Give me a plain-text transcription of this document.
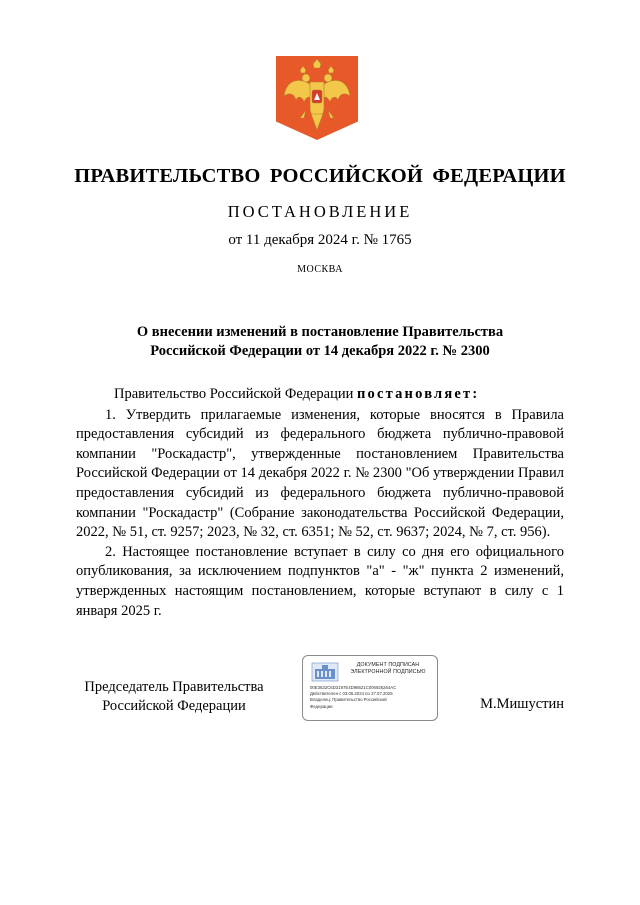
ПРАВИТЕЛЬСТВО РОССИЙСКОЙ ФЕДЕРАЦИИ
ПОСТАНОВЛЕНИЕ
от 11 декабря 2024 г. № 1765
МОСКВА
О внесении изменений в постановление Правительства
Российской Федерации от 14 декабря 2022 г. № 2300

Правительство Российской Федерации постановляет:

1. Утвердить прилагаемые изменения, которые вносятся в Правила предоставления субсидий из федерального бюджета публично-правовой компании "Роскадастр", утвержденные постановлением Правительства Российской Федерации от 14 декабря 2022 г. № 2300 "Об утверждении Правил предоставления субсидий из федерального бюджета публично-правовой компании "Роскадастр" (Собрание законодательства Российской Федерации, 2022, № 51, ст. 9257; 2023, № 32, ст. 6351; № 52, ст. 9637; 2024, № 7, ст. 956).

2. Настоящее постановление вступает в силу со дня его официального опубликования, за исключением подпунктов "а" - "ж" пункта 2 изменений, утвержденных настоящим постановлением, которые вступают в силу с 1 января 2025 г.

Председатель Правительства
Российской Федерации
ДОКУМЕНТ ПОДПИСАН
ЭЛЕКТРОННОЙ ПОДПИСЬЮ
00E3632C6D3197E4D98621C006926264AC
Действителен с 03.05.2024 по 27.07.2025
Владелец: Правительство Российской
Федерации	М.Мишустин
